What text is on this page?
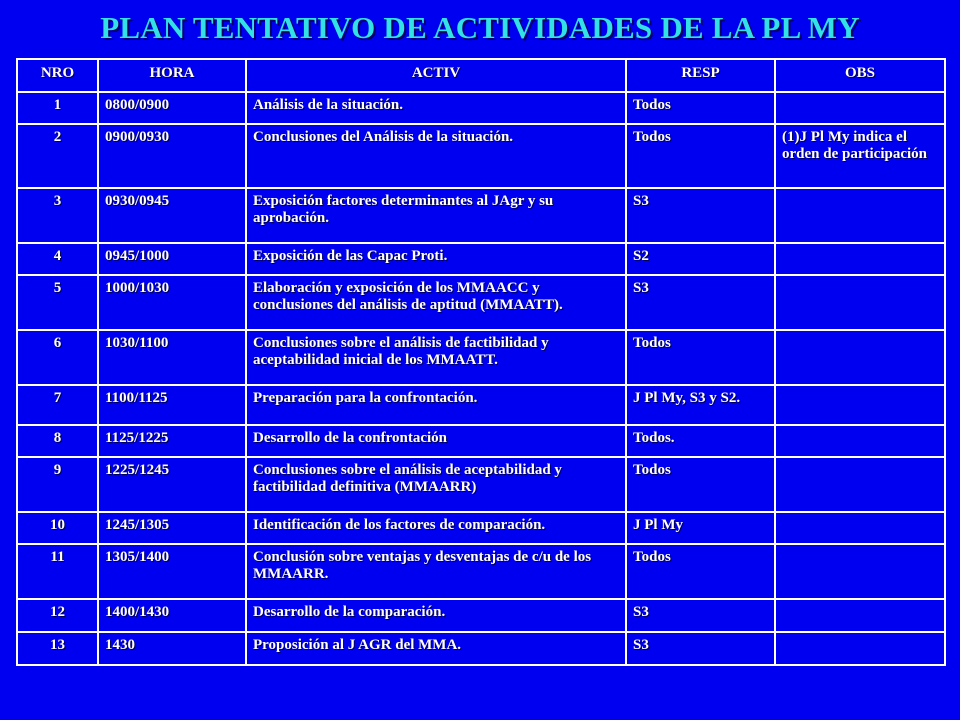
PLAN TENTATIVO DE ACTIVIDADES DE LA PL MY
NRO	HORA	ACTIV	RESP	OBS
1	0800/0900	Análisis de la situación.	Todos	
2	0900/0930	Conclusiones del Análisis de la situación.	Todos	(1)J Pl My indica el orden de participación
3	0930/0945	Exposición factores determinantes al JAgr y su aprobación.	S3	
4	0945/1000	Exposición de las Capac Proti.	S2	
5	1000/1030	Elaboración y exposición de los MMAACC y conclusiones del análisis de aptitud (MMAATT).	S3	
6	1030/1100	Conclusiones sobre el análisis de factibilidad y aceptabilidad inicial de los MMAATT.	Todos	
7	1100/1125	Preparación para la confrontación.	J Pl My, S3 y S2.	
8	1125/1225	Desarrollo de la confrontación	Todos.	
9	1225/1245	Conclusiones sobre el análisis de aceptabilidad y factibilidad definitiva (MMAARR)	Todos	
10	1245/1305	Identificación de los factores de comparación.	J Pl My	
11	1305/1400	Conclusión sobre ventajas y desventajas de c/u de los MMAARR.	Todos	
12	1400/1430	Desarrollo de la comparación.	S3	
13	1430	Proposición al J AGR del MMA.	S3	
